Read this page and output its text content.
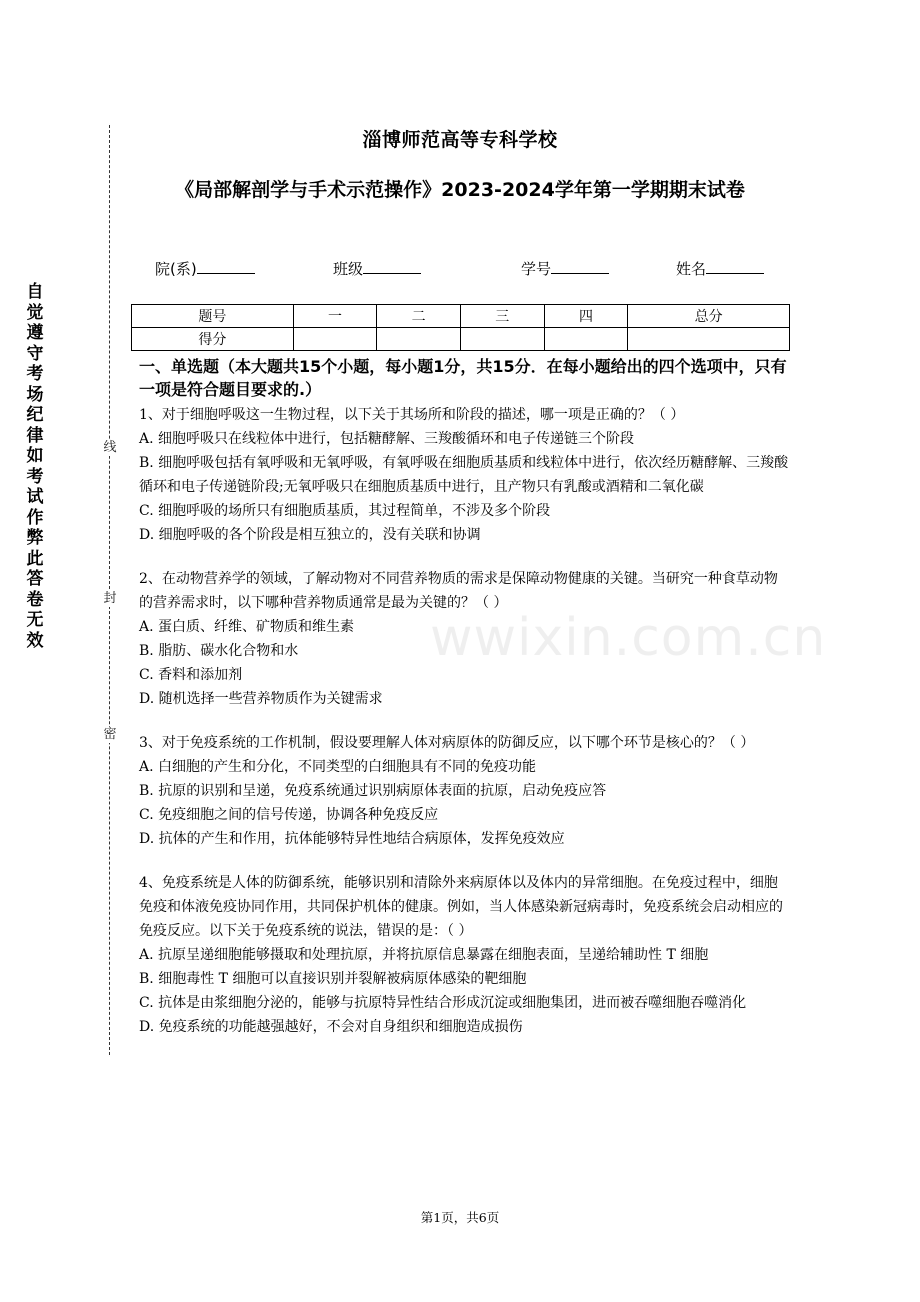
自觉遵守考场纪律如考试作弊此答卷无效
线
封
密
淄博师范高等专科学校
《局部解剖学与手术示范操作》2023-2024学年第一学期期末试卷
院(系)	班级	学号	姓名
题号	一	二	三	四	总分
得分					
wwixin.com.cn

一、单选题（本大题共15个小题，每小题1分，共15分．在每小题给出的四个选项中，只有一项是符合题目要求的.）

1、对于细胞呼吸这一生物过程，以下关于其场所和阶段的描述，哪一项是正确的？（ ）

A. 细胞呼吸只在线粒体中进行，包括糖酵解、三羧酸循环和电子传递链三个阶段

B. 细胞呼吸包括有氧呼吸和无氧呼吸，有氧呼吸在细胞质基质和线粒体中进行，依次经历糖酵解、三羧酸循环和电子传递链阶段;无氧呼吸只在细胞质基质中进行，且产物只有乳酸或酒精和二氧化碳

C. 细胞呼吸的场所只有细胞质基质，其过程简单，不涉及多个阶段

D. 细胞呼吸的各个阶段是相互独立的，没有关联和协调

2、在动物营养学的领域，了解动物对不同营养物质的需求是保障动物健康的关键。当研究一种食草动物的营养需求时，以下哪种营养物质通常是最为关键的？（ ）

A. 蛋白质、纤维、矿物质和维生素

B. 脂肪、碳水化合物和水

C. 香料和添加剂

D. 随机选择一些营养物质作为关键需求

3、对于免疫系统的工作机制，假设要理解人体对病原体的防御反应，以下哪个环节是核心的？（ ）

A. 白细胞的产生和分化，不同类型的白细胞具有不同的免疫功能

B. 抗原的识别和呈递，免疫系统通过识别病原体表面的抗原，启动免疫应答

C. 免疫细胞之间的信号传递，协调各种免疫反应

D. 抗体的产生和作用，抗体能够特异性地结合病原体，发挥免疫效应

4、免疫系统是人体的防御系统，能够识别和清除外来病原体以及体内的异常细胞。在免疫过程中，细胞免疫和体液免疫协同作用，共同保护机体的健康。例如，当人体感染新冠病毒时，免疫系统会启动相应的免疫反应。以下关于免疫系统的说法，错误的是：（ ）

A. 抗原呈递细胞能够摄取和处理抗原，并将抗原信息暴露在细胞表面，呈递给辅助性 T 细胞

B. 细胞毒性 T 细胞可以直接识别并裂解被病原体感染的靶细胞

C. 抗体是由浆细胞分泌的，能够与抗原特异性结合形成沉淀或细胞集团，进而被吞噬细胞吞噬消化

D. 免疫系统的功能越强越好，不会对自身组织和细胞造成损伤

第1页，共6页
